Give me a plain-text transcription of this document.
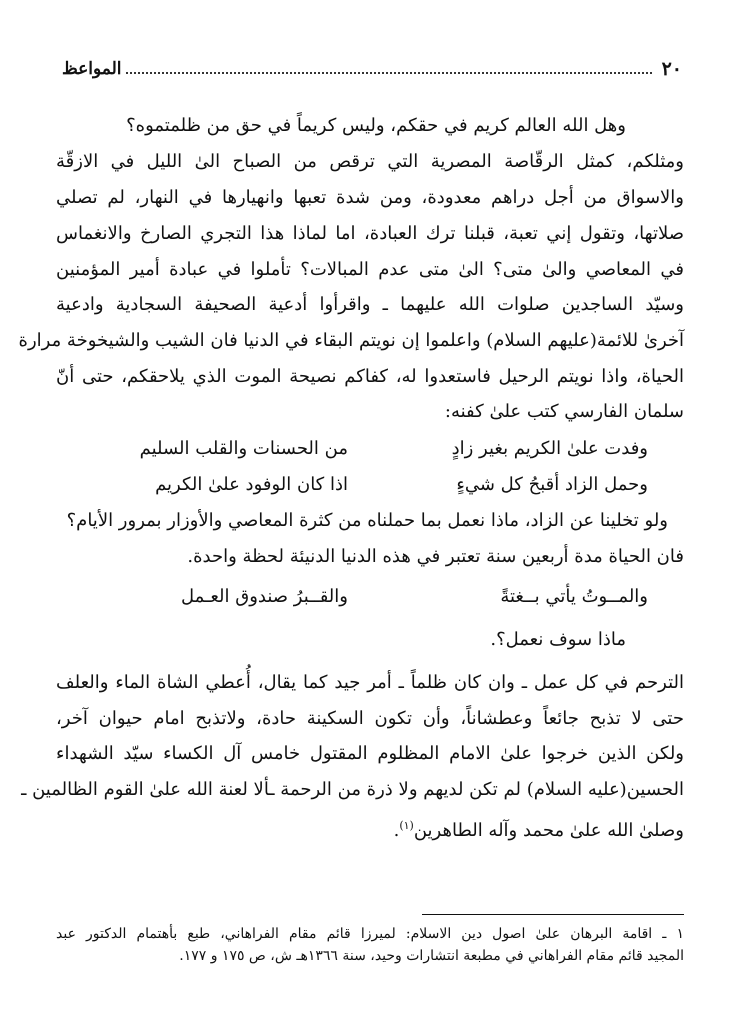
٢٠
المواعظ
وهل الله العالم كريم في حقكم، وليس كريماً في حق من ظلمتموه؟
ومثلكم، كمثل الرقّاصة المصرية التي ترقص من الصباح الىٰ الليل في الازقّة
والاسواق من أجل دراهم معدودة، ومن شدة تعبها وانهيارها في النهار، لم تصلي
صلاتها، وتقول إني تعبة، قبلنا ترك العبادة، اما لماذا هذا التجري الصارخ والانغماس
في المعاصي والىٰ متى؟ الىٰ متى عدم المبالات؟ تأملوا في عبادة أمير المؤمنين
وسيّد الساجدين صلوات الله عليهما ـ واقرأوا أدعية الصحيفة السجادية وادعية
آخرىٰ للائمة(عليهم السلام) واعلموا إن نويتم البقاء في الدنيا فان الشيب والشيخوخة مرارة
الحياة، واذا نويتم الرحيل فاستعدوا له، كفاكم نصيحة الموت الذي يلاحقكم، حتى أنّ
سلمان الفارسي كتب علىٰ كفنه:
وفدت علىٰ الكريم بغير زادٍ
من الحسنات والقلب السليم
وحمل الزاد أقبحُ كل شيءٍ
اذا كان الوفود علىٰ الكريم
ولو تخلينا عن الزاد، ماذا نعمل بما حملناه من كثرة المعاصي والأوزار بمرور الأيام؟
فان الحياة مدة أربعين سنة تعتبر في هذه الدنيا الدنيئة لحظة واحدة.
والمــوتُ يأتي بــغتةً
والقــبرُ صندوق العـمل
ماذا سوف نعمل؟.
الترحم في كل عمل ـ وان كان ظلماً ـ أمر جيد كما يقال، أُعطي الشاة الماء والعلف
حتى لا تذبح جائعاً وعطشاناً، وأن تكون السكينة حادة، ولاتذبح امام حيوان آخر،
ولكن الذين خرجوا علىٰ الامام المظلوم المقتول خامس آل الكساء سيّد الشهداء
الحسين(عليه السلام) لم تكن لديهم ولا ذرة من الرحمة ـألا لعنة الله علىٰ القوم الظالمين ـ
وصلىٰ الله علىٰ محمد وآله الطاهرين$^{(١)}$.
١ ـ اقامة البرهان علىٰ اصول دين الاسلام: لميرزا قائم مقام الفراهاني، طبع بأهتمام الدكتور عبد
المجيد قائم مقام الفراهاني في مطبعة انتشارات وحيد، سنة ١٣٦٦هـ ش، ص ١٧٥ و ١٧٧.
